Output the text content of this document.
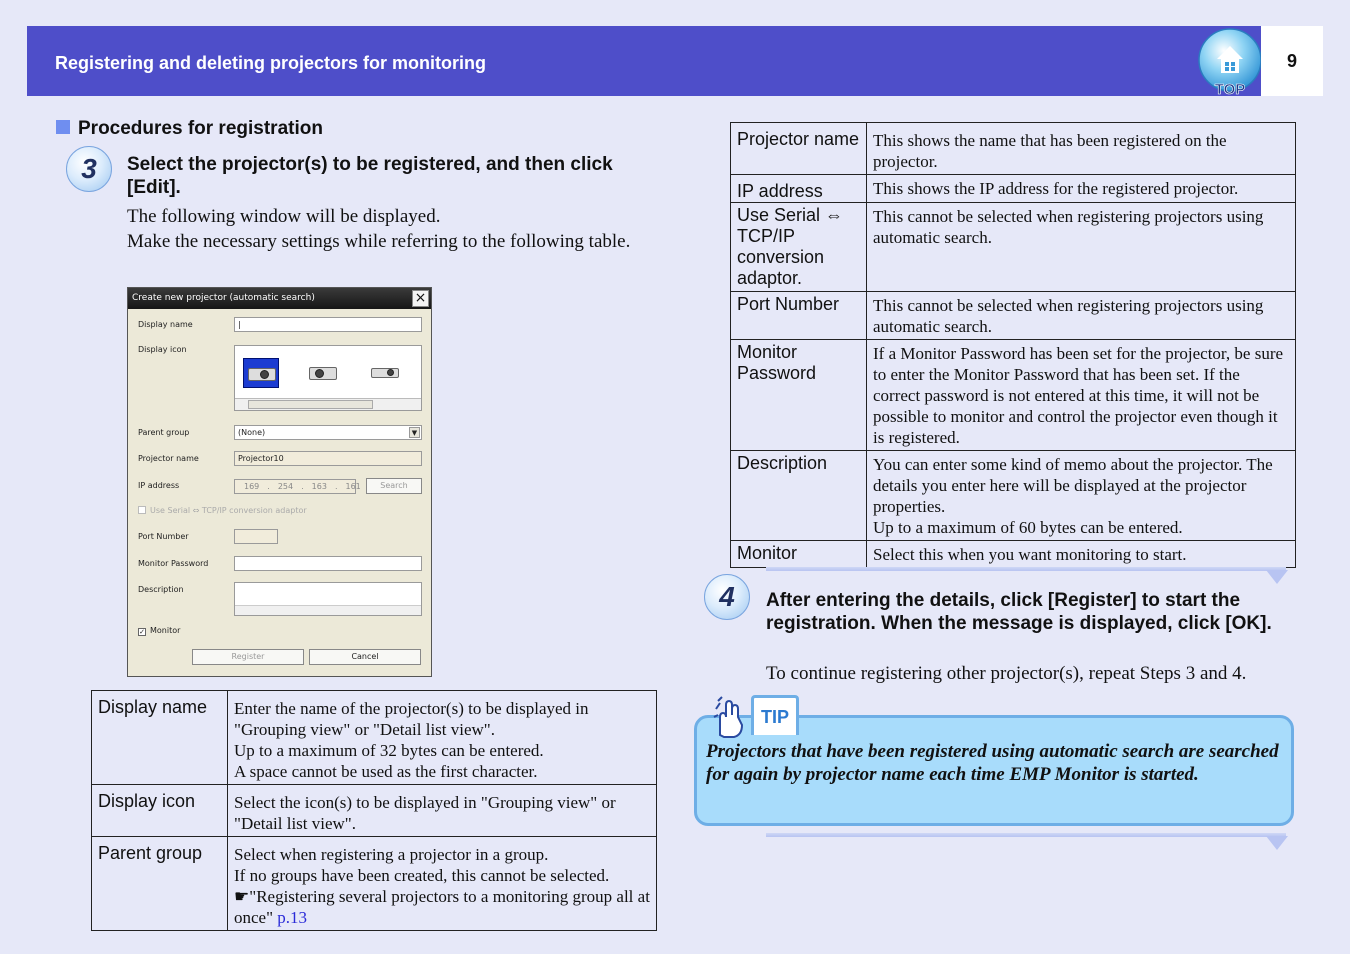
Registering and deleting projectors for monitoring
TOP
9
Procedures for registration
3	Select the projector(s) to be registered, and then click [Edit].
The following window will be displayed.
Make the necessary settings while referring to the following table.
Create new projector (automatic search)	×
Display name	|
Display icon
Parent group	(None)	▼
Projector name	Projector10
IP address	169 . 254 . 163 . 161	Search
Use Serial ⇔ TCP/IP conversion adaptor
Port Number
Monitor Password
Description
✓ Monitor
Register	Cancel
Display name	Enter the name of the projector(s) to be displayed in "Grouping view" or "Detail list view".
Up to a maximum of 32 bytes can be entered.
A space cannot be used as the first character.

Display icon	Select the icon(s) to be displayed in "Grouping view" or "Detail list view".

Parent group	Select when registering a projector in a group.
If no groups have been created, this cannot be selected. ☛"Registering several projectors to a monitoring group all at once" p.13
Projector name	This shows the name that has been registered on the projector.
IP address	This shows the IP address for the registered projector.
Use Serial ⇔ TCP/IP conversion adaptor.	This cannot be selected when registering projectors using automatic search.
Port Number	This cannot be selected when registering projectors using automatic search.
Monitor Password	If a Monitor Password has been set for the projector, be sure to enter the Monitor Password that has been set. If the correct password is not entered at this time, it will not be possible to monitor and control the projector even though it is registered.
Description	You can enter some kind of memo about the projector. The details you enter here will be displayed at the projector properties.
Up to a maximum of 60 bytes can be entered.
Monitor	Select this when you want monitoring to start.
4	After entering the details, click [Register] to start the registration. When the message is displayed, click [OK].
To continue registering other projector(s), repeat Steps 3 and 4.
TIP
Projectors that have been registered using automatic search are searched for again by projector name each time EMP Monitor is started.
